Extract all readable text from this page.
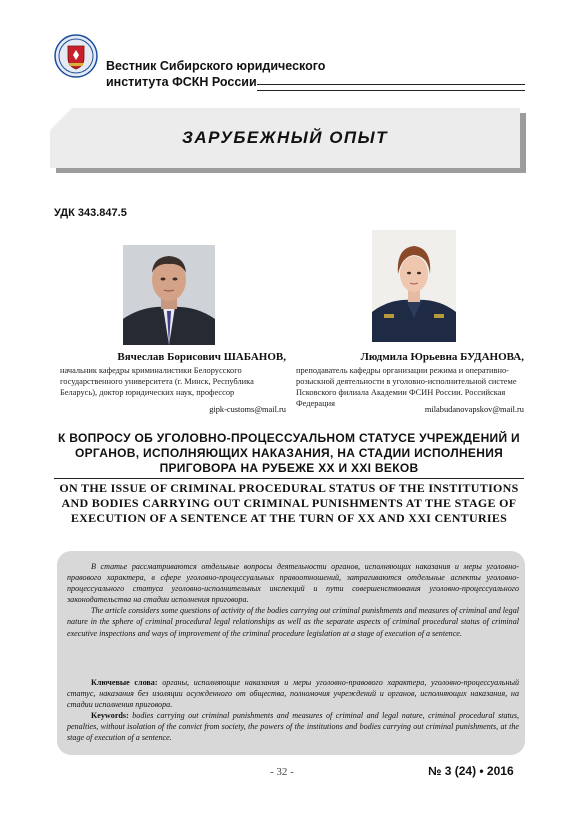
Вестник Сибирского юридического
института ФСКН России
ЗАРУБЕЖНЫЙ ОПЫТ
УДК 343.847.5
Вячеслав Борисович ШАБАНОВ,
начальник кафедры криминалистики Белорусского государственного университета (г. Минск, Республика Беларусь), доктор юридических наук, профессор
gipk-customs@mail.ru
Людмила Юрьевна БУДАНОВА,
преподаватель кафедры организации режима и оперативно-розыскной деятельности в уголовно-исполнительной системе Псковского филиала Академии ФСИН России. Российская Федерация
milabudanovapskov@mail.ru
К ВОПРОСУ ОБ УГОЛОВНО-ПРОЦЕССУАЛЬНОМ СТАТУСЕ УЧРЕЖДЕНИЙ И ОРГАНОВ, ИСПОЛНЯЮЩИХ НАКАЗАНИЯ, НА СТАДИИ ИСПОЛНЕНИЯ ПРИГОВОРА НА РУБЕЖЕ XX И XXI ВЕКОВ
ON THE ISSUE OF CRIMINAL PROCEDURAL STATUS OF THE INSTITUTIONS AND BODIES CARRYING OUT CRIMINAL PUNISHMENTS AT THE STAGE OF EXECUTION OF A SENTENCE AT THE TURN OF XX AND XXI CENTURIES

В статье рассматриваются отдельные вопросы деятельности органов, исполняющих наказания и меры уголовно-правового характера, в сфере уголовно-процессуальных правоотношений, затрагиваются отдельные аспекты уголовно-процессуального статуса уголовно-исполнительных инспекций и пути совершенствования уголовно-процессуального законодательства на стадии исполнения приговора.

The article considers some questions of activity of the bodies carrying out criminal punishments and measures of criminal and legal nature in the sphere of criminal procedural legal relationships as well as the separate aspects of criminal procedural status of criminal executive inspections and ways of improvement of the criminal procedure legislation at a stage of execution of a sentence.

Ключевые слова: органы, исполняющие наказания и меры уголовно-правового характера, уголовно-процессуальный статус, наказания без изоляции осужденного от общества, полномочия учреждений и органов, исполняющих наказания, на стадии исполнения приговора.

Keywords: bodies carrying out criminal punishments and measures of criminal and legal nature, criminal procedural status, penalties, without isolation of the convict from society, the powers of the institutions and bodies carrying out criminal punishments, at the stage of execution of a sentence.

- 32 -	№ 3 (24) • 2016
